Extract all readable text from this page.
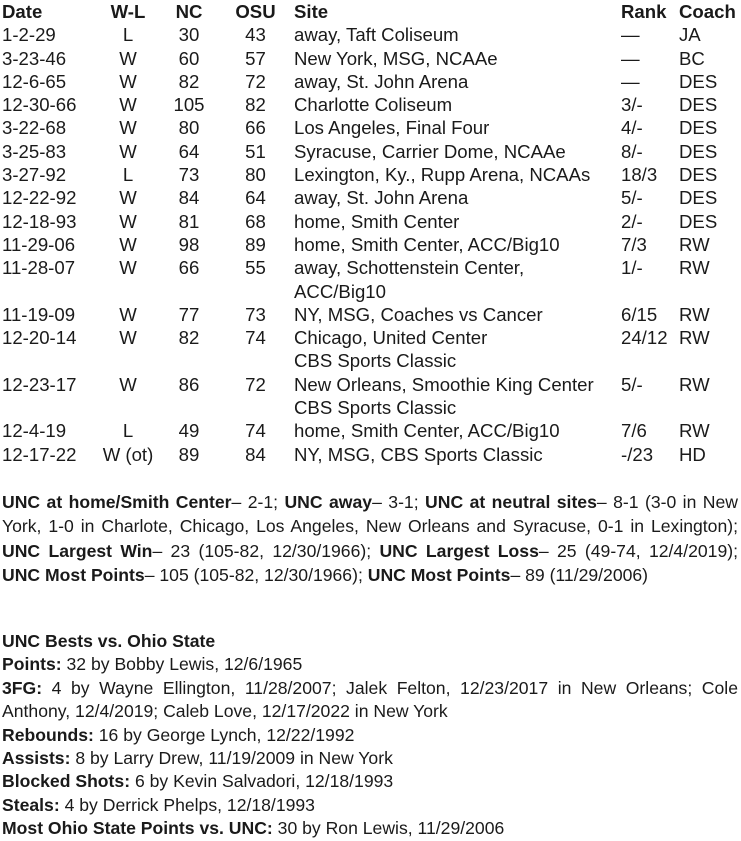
Date	W-L	NC	OSU	Site	Rank	Coach
1-2-29	L	30	43	away, Taft Coliseum	—	JA
3-23-46	W	60	57	New York, MSG, NCAAe	—	BC
12-6-65	W	82	72	away, St. John Arena	—	DES
12-30-66	W	105	82	Charlotte Coliseum	3/-	DES
3-22-68	W	80	66	Los Angeles, Final Four	4/-	DES
3-25-83	W	64	51	Syracuse, Carrier Dome, NCAAe	8/-	DES
3-27-92	L	73	80	Lexington, Ky., Rupp Arena, NCAAs	18/3	DES
12-22-92	W	84	64	away, St. John Arena	5/-	DES
12-18-93	W	81	68	home, Smith Center	2/-	DES
11-29-06	W	98	89	home, Smith Center, ACC/Big10	7/3	RW
11-28-07	W	66	55	away, Schottenstein Center,
ACC/Big10	1/-	RW
11-19-09	W	77	73	NY, MSG, Coaches vs Cancer	6/15	RW
12-20-14	W	82	74	Chicago, United Center
CBS Sports Classic	24/12	RW
12-23-17	W	86	72	New Orleans, Smoothie King Center
CBS Sports Classic	5/-	RW
12-4-19	L	49	74	home, Smith Center, ACC/Big10	7/6	RW
12-17-22	W (ot)	89	84	NY, MSG, CBS Sports Classic	-/23	HD
UNC at home/Smith Center– 2-1; UNC away– 3-1; UNC at neutral sites– 8-1 (3-0 in New York, 1-0 in Charlote, Chicago, Los Angeles, New Orleans and Syracuse, 0-1 in Lexington); UNC Largest Win– 23 (105-82, 12/30/1966); UNC Largest Loss– 25 (49-74, 12/4/2019); UNC Most Points– 105 (105-82, 12/30/1966); UNC Most Points– 89 (11/29/2006)
UNC Bests vs. Ohio State
Points: 32 by Bobby Lewis, 12/6/1965
3FG: 4 by Wayne Ellington, 11/28/2007; Jalek Felton, 12/23/2017 in New Orleans; Cole Anthony, 12/4/2019; Caleb Love, 12/17/2022 in New York
Rebounds: 16 by George Lynch, 12/22/1992
Assists: 8 by Larry Drew, 11/19/2009 in New York
Blocked Shots: 6 by Kevin Salvadori, 12/18/1993
Steals: 4 by Derrick Phelps, 12/18/1993
Most Ohio State Points vs. UNC: 30 by Ron Lewis, 11/29/2006
